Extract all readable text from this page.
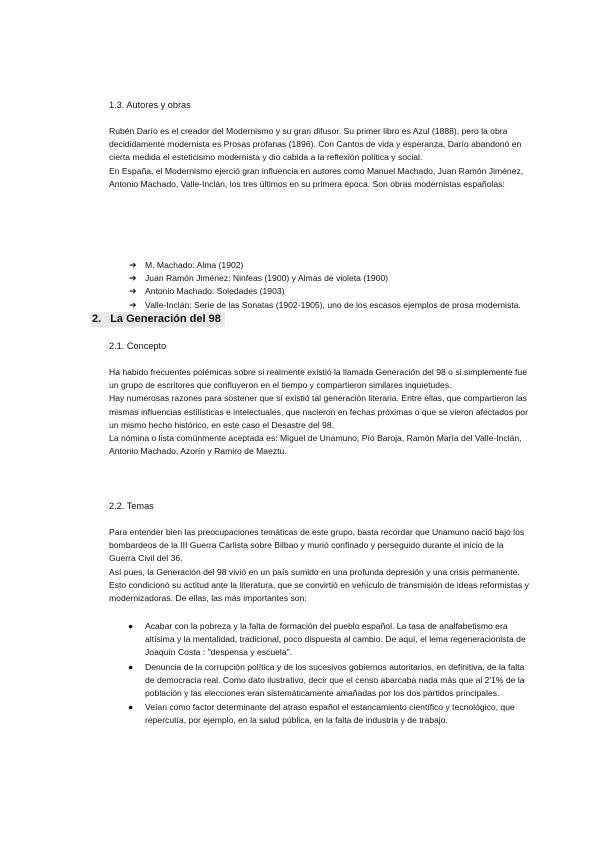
1.3. Autores y obras

Rubén Darío es el creador del Modernismo y su gran difusor. Su primer libro es Azul (1888), pero la obra decididamente modernista es Prosas profanas (1896). Con Cantos de vida y esperanza, Darío abandonó en cierta medida el esteticismo modernista y dio cabida a la reflexión política y social.

En España, el Modernismo ejerció gran influencia en autores como Manuel Machado, Juan Ramón Jiménez, Antonio Machado, Valle-Inclán, los tres últimos en su primera época. Son obras modernistas españolas:

➔ M. Machado: Alma (1902)
➔ Juan Ramón Jiménez: Ninfeas (1900) y Almas de violeta (1900)
➔ Antonio Machado: Soledades (1903)
➔ Valle-Inclán: Serie de las Sonatas (1902-1905), uno de los escasos ejemplos de prosa modernista.
2. La Generación del 98
2.1. Concepto

Ha habido frecuentes polémicas sobre si realmente existió la llamada Generación del 98 o si simplemente fue un grupo de escritores que confluyeron en el tiempo y compartieron similares inquietudes.

Hay numerosas razones para sostener que sí existió tal generación literaria. Entre ellas, que compartieron las mismas influencias estilísticas e intelectuales, que nacieron en fechas próximas o que se vieron afectados por un mismo hecho histórico, en este caso el Desastre del 98.

La nómina o lista comúnmente aceptada es: Miguel de Unamuno, Pío Baroja, Ramón María del Valle-Inclán, Antonio Machado, Azorín y Ramiro de Maeztu.

2.2. Temas

Para entender bien las preocupaciones temáticas de este grupo, basta recordar que Unamuno nació bajo los bombardeos de la III Guerra Carlista sobre Bilbao y murió confinado y perseguido durante el inicio de la Guerra Civil del 36.

Así pues, la Generación del 98 vivió en un país sumido en una profunda depresión y una crisis permanente. Esto condicionó su actitud ante la literatura, que se convirtió en vehículo de transmisión de ideas reformistas y modernizadoras. De ellas, las más importantes son:

● Acabar con la pobreza y la falta de formación del pueblo español. La tasa de analfabetismo era altísima y la mentalidad, tradicional, poco dispuesta al cambio. De aquí, el lema regeneracionista de Joaquín Costa : "despensa y escuela".
● Denuncia de la corrupción política y de los sucesivos gobiernos autoritarios, en definitiva, de la falta de democracia real. Como dato ilustrativo, decir que el censo abarcaba nada más que al 2'1% de la población y las elecciones eran sistemáticamente amañadas por los dos partidos principales.
● Veían como factor determinante del atraso español el estancamiento científico y tecnológico, que repercutía, por ejemplo, en la salud pública, en la falta de industria y de trabajo.
